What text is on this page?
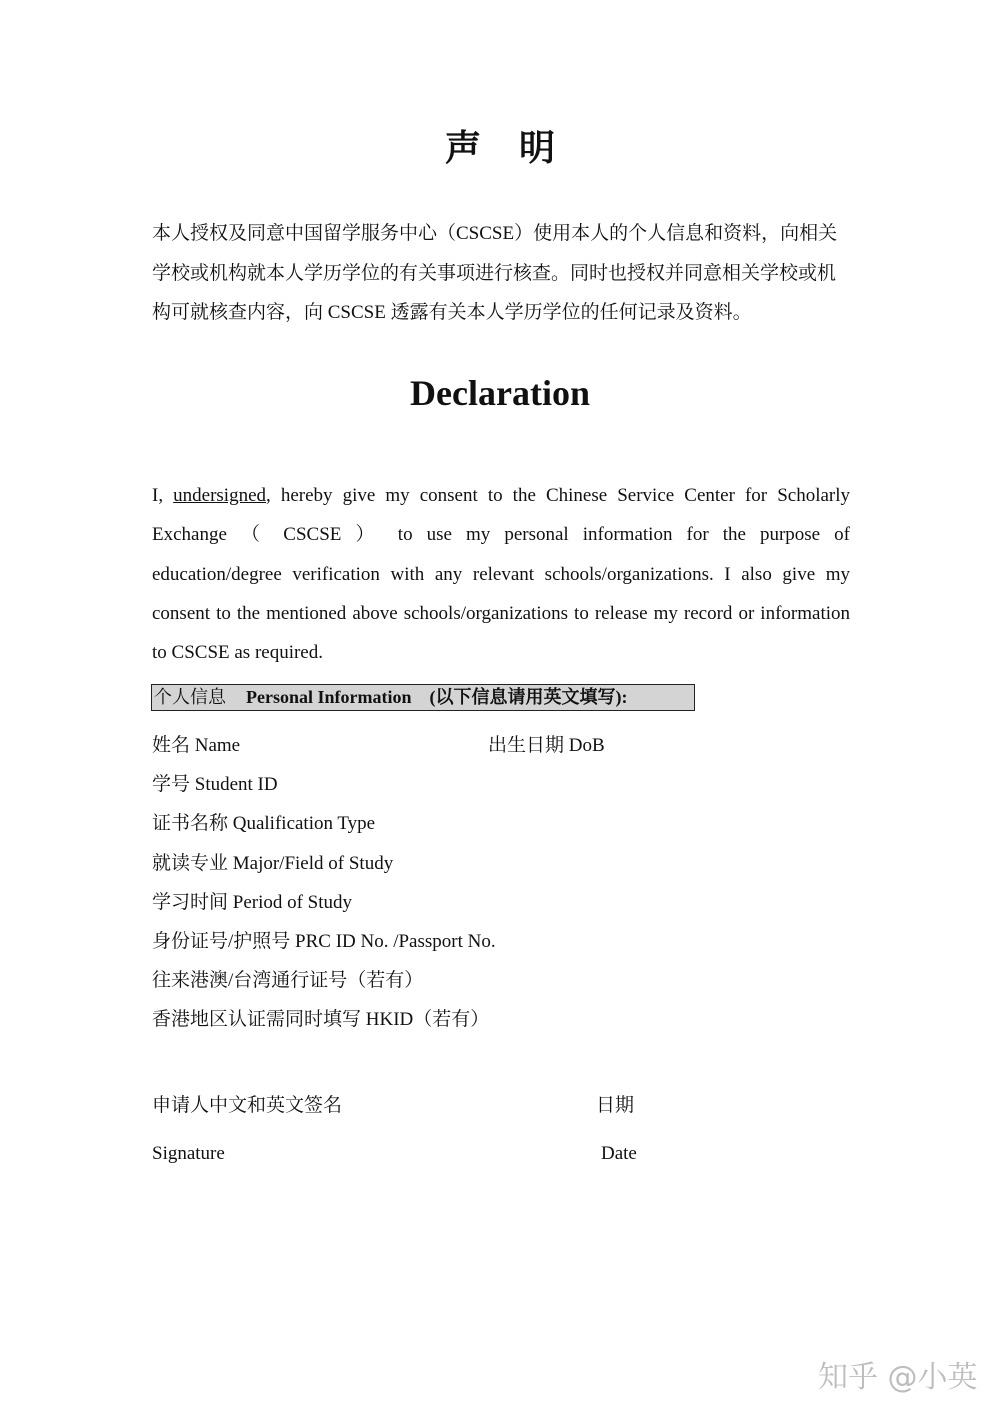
声明
本人授权及同意中国留学服务中心（CSCSE）使用本人的个人信息和资料，向相关学校或机构就本人学历学位的有关事项进行核查。同时也授权并同意相关学校或机构可就核查内容，向 CSCSE 透露有关本人学历学位的任何记录及资料。
Declaration
I, undersigned, hereby give my consent to the Chinese Service Center for Scholarly Exchange （ CSCSE ） to use my personal information for the purpose of education/degree verification with any relevant schools/organizations. I also give my consent to the mentioned above schools/organizations to release my record or information to CSCSE as required.
个人信息 Personal Information (以下信息请用英文填写):
姓名 Name	出生日期 DoB
学号 Student ID
证书名称 Qualification Type
就读专业 Major/Field of Study
学习时间 Period of Study
身份证号/护照号 PRC ID No. /Passport No.
往来港澳/台湾通行证号（若有）
香港地区认证需同时填写 HKID（若有）
申请人中文和英文签名	日期
Signature	Date
知乎 @小英
